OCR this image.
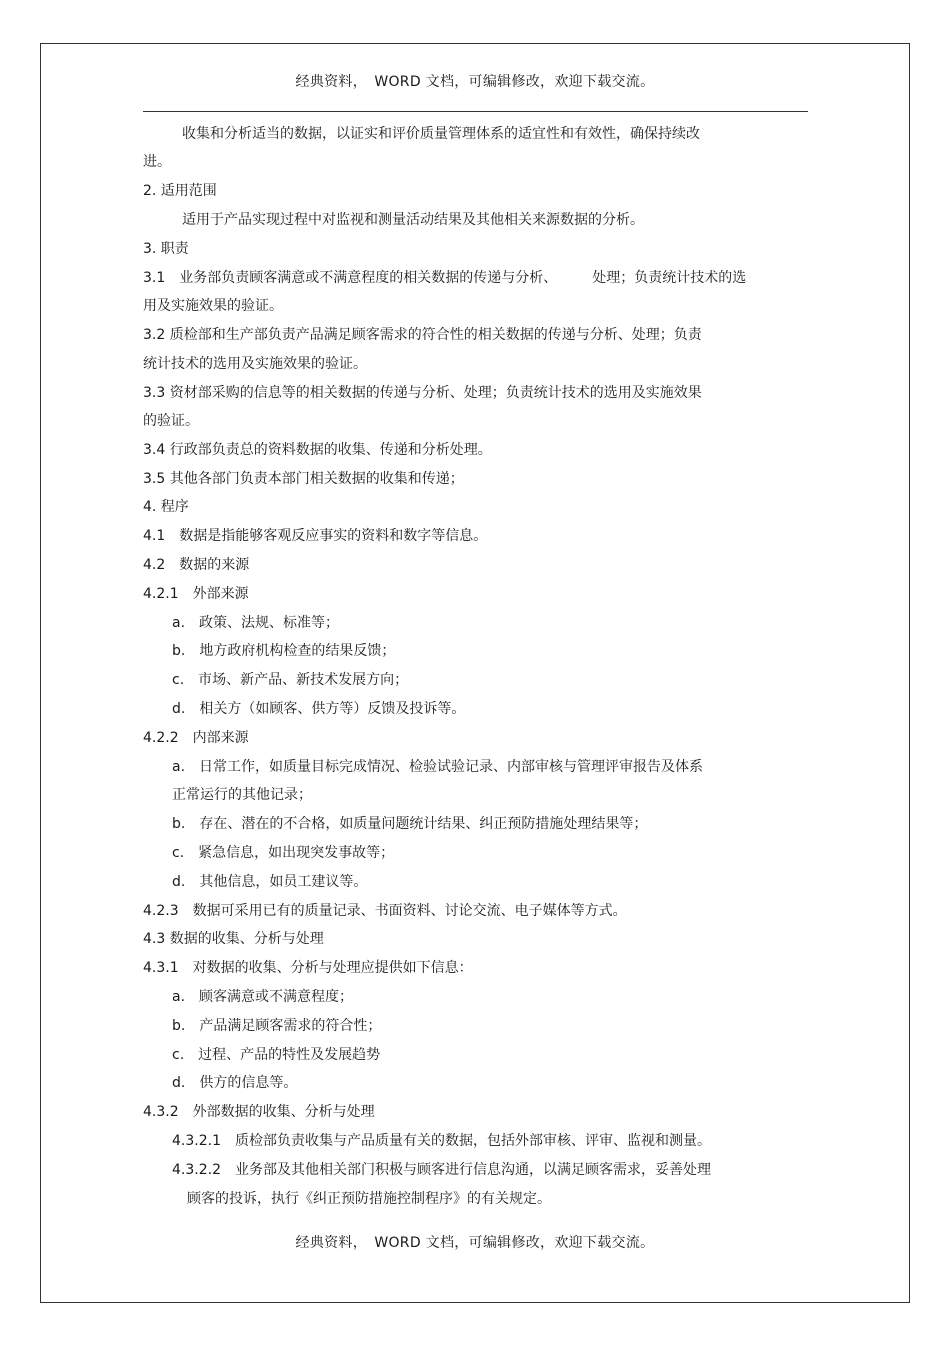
经典资料，　WORD 文档，可编辑修改，欢迎下载交流。
收集和分析适当的数据，以证实和评价质量管理体系的适宜性和有效性，确保持续改
进。
2. 适用范围
适用于产品实现过程中对监视和测量活动结果及其他相关来源数据的分析。
3. 职责
3.1　业务部负责顾客满意或不满意程度的相关数据的传递与分析、　　　处理；负责统计技术的选
用及实施效果的验证。
3.2 质检部和生产部负责产品满足顾客需求的符合性的相关数据的传递与分析、处理；负责
统计技术的选用及实施效果的验证。
3.3 资材部采购的信息等的相关数据的传递与分析、处理；负责统计技术的选用及实施效果
的验证。
3.4 行政部负责总的资料数据的收集、传递和分析处理。
3.5 其他各部门负责本部门相关数据的收集和传递；
4. 程序
4.1　数据是指能够客观反应事实的资料和数字等信息。
4.2　数据的来源
4.2.1　外部来源
a.　政策、法规、标准等；
b.　地方政府机构检查的结果反馈；
c.　市场、新产品、新技术发展方向；
d.　相关方（如顾客、供方等）反馈及投诉等。
4.2.2　内部来源
a.　日常工作，如质量目标完成情况、检验试验记录、内部审核与管理评审报告及体系
正常运行的其他记录；
b.　存在、潜在的不合格，如质量问题统计结果、纠正预防措施处理结果等；
c.　紧急信息，如出现突发事故等；
d.　其他信息，如员工建议等。
4.2.3　数据可采用已有的质量记录、书面资料、讨论交流、电子媒体等方式。
4.3 数据的收集、分析与处理
4.3.1　对数据的收集、分析与处理应提供如下信息：
a.　顾客满意或不满意程度；
b.　产品满足顾客需求的符合性；
c.　过程、产品的特性及发展趋势
d.　供方的信息等。
4.3.2　外部数据的收集、分析与处理
4.3.2.1　质检部负责收集与产品质量有关的数据，包括外部审核、评审、监视和测量。
4.3.2.2　业务部及其他相关部门积极与顾客进行信息沟通，以满足顾客需求，妥善处理
顾客的投诉，执行《纠正预防措施控制程序》的有关规定。
经典资料，　WORD 文档，可编辑修改，欢迎下载交流。
